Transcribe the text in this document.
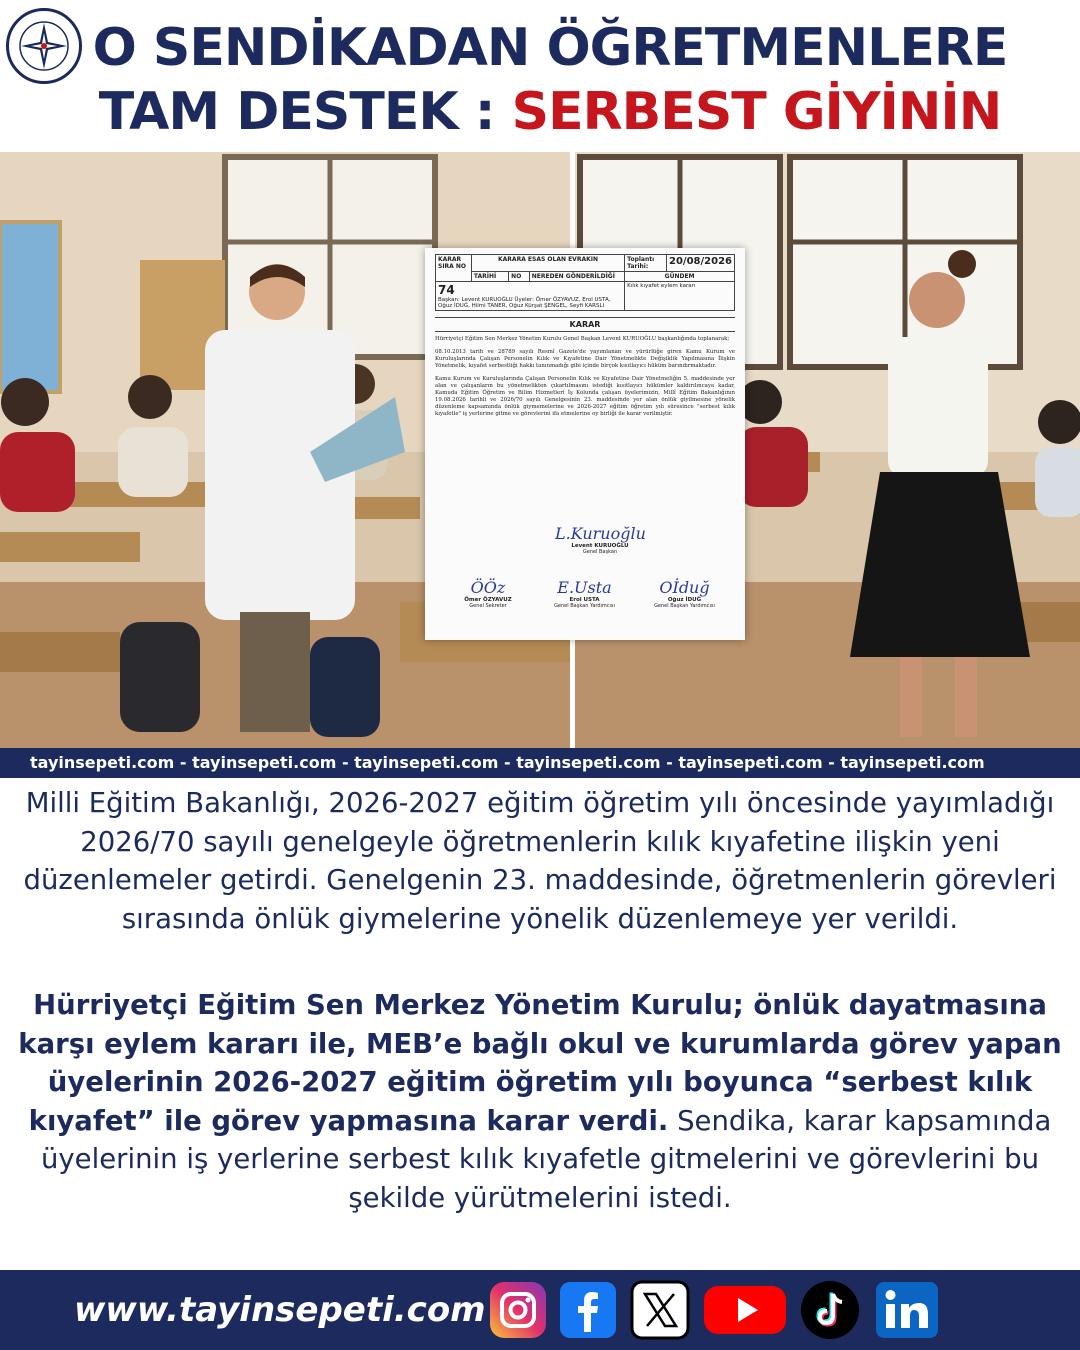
O SENDİKADAN ÖĞRETMENLERE
TAM DESTEK : SERBEST GİYİNİN
KARAR SIRA NO	KARARA ESAS OLAN EVRAKIN			Toplantı Tarihi:	20/08/2026
	TARİHİ	NO	NEREDEN GÖNDERİLDİĞİ	GÜNDEM	

74
Başkan: Levent KURUOĞLU Üyeler: Ömer ÖZYAVUZ, Erol USTA, Oğuz İDUĞ, Hilmi TANER, Oğuz Kürşat ŞENGEL, Seyfi KARSLI				Kılık kıyafet eylem kararı	
KARAR

Hürriyetçi Eğitim Sen Merkez Yönetim Kurulu Genel Başkan Levent KURUOĞLU başkanlığında toplanarak;

08.10.2013 tarih ve 28789 sayılı Resmî Gazete'de yayımlanan ve yürürlüğe giren Kamu Kurum ve Kuruluşlarında Çalışan Personelin Kılık ve Kıyafetine Dair Yönetmelikte Değişiklik Yapılmasına İlişkin Yönetmelik, kıyafet serbestliği hakkı tanınmadığı gibi içinde birçok kısıtlayıcı hüküm barındırmaktadır.

Kamu Kurum ve Kuruluşlarında Çalışan Personelin Kılık ve Kıyafetine Dair Yönetmeliğin 5. maddesinde yer alan ve çalışanların bu yönetmelikten çıkartılmasını istediği kısıtlayıcı hükümler kaldırılıncaya kadar, Kamuda Eğitim Öğretim ve Bilim Hizmetleri İş Kolunda çalışan üyelerimizin, Millî Eğitim Bakanlığının 19.08.2026 tarihli ve 2026/70 sayılı Genelgesinin 23. maddesinde yer alan önlük giyilmesine yönelik düzenleme kapsamında önlük giymemelerine ve 2026-2027 eğitim öğretim yılı süresince "serbest kılık kıyafetle" iş yerlerine gitme ve görevlerini ifa etmelerine oy birliği ile karar verilmiştir.

L.Kuruoğlu
Levent KURUOĞLU
Genel Başkan
ÖÖz
Ömer ÖZYAVUZ
Genel Sekreter
E.Usta
Erol USTA
Genel Başkan Yardımcısı
Oİduğ
Oğuz İDUĞ
Genel Başkan Yardımcısı
tayinsepeti.com - tayinsepeti.com - tayinsepeti.com - tayinsepeti.com - tayinsepeti.com - tayinsepeti.com

Milli Eğitim Bakanlığı, 2026-2027 eğitim öğretim yılı öncesinde yayımladığı 2026/70 sayılı genelgeyle öğretmenlerin kılık kıyafetine ilişkin yeni düzenlemeler getirdi. Genelgenin 23. maddesinde, öğretmenlerin görevleri sırasında önlük giymelerine yönelik düzenlemeye yer verildi.

Hürriyetçi Eğitim Sen Merkez Yönetim Kurulu; önlük dayatmasına karşı eylem kararı ile, MEB’e bağlı okul ve kurumlarda görev yapan üyelerinin 2026-2027 eğitim öğretim yılı boyunca “serbest kılık kıyafet” ile görev yapmasına karar verdi. Sendika, karar kapsamında üyelerinin iş yerlerine serbest kılık kıyafetle gitmelerini ve görevlerini bu şekilde yürütmelerini istedi.

www.tayinsepeti.com
